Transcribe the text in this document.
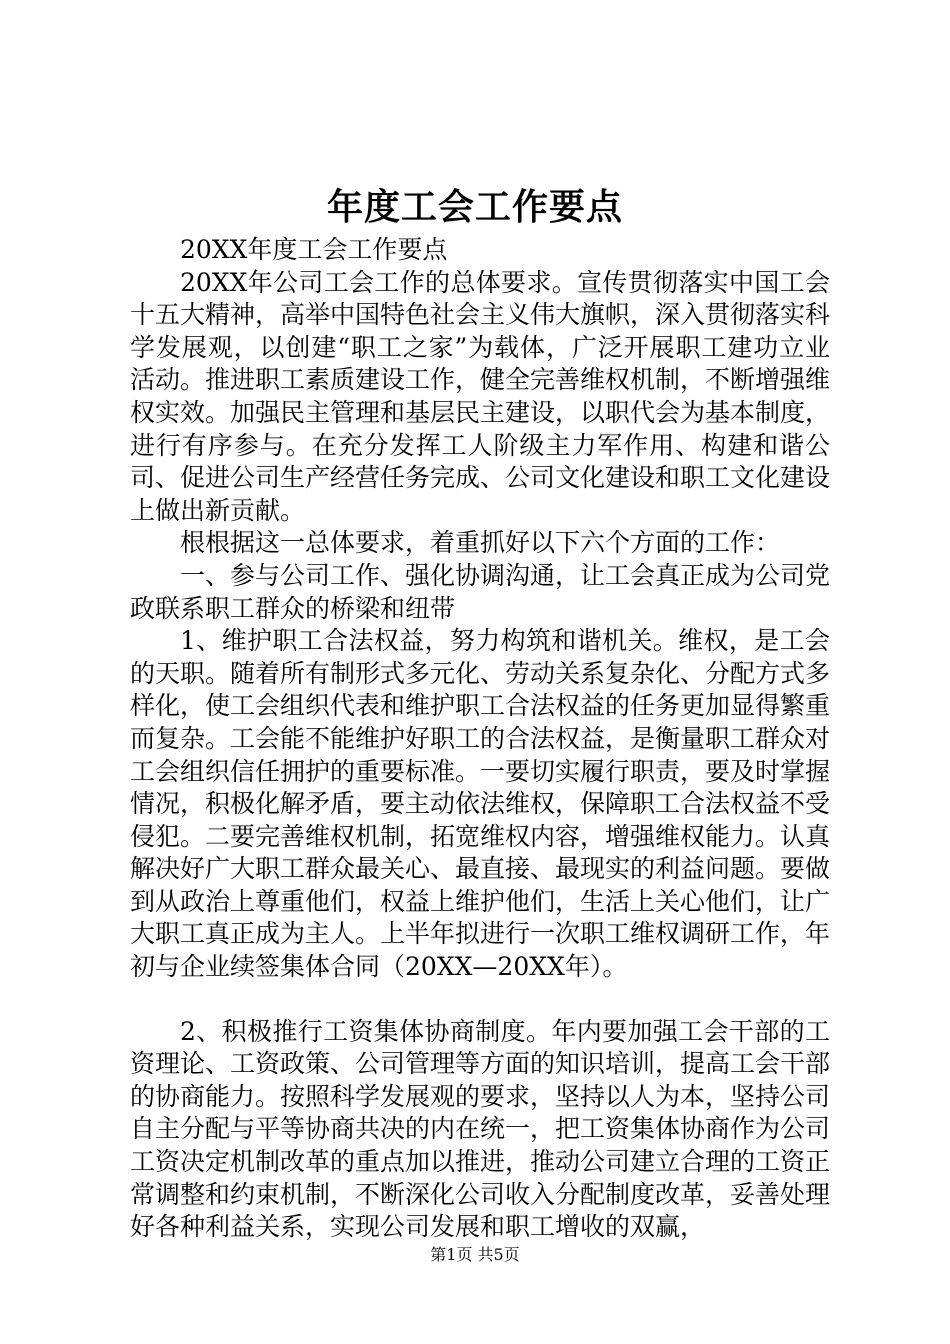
年度工会工作要点

20XX年度工会工作要点

20XX年公司工会工作的总体要求。宣传贯彻落实中国工会十五大精神，高举中国特色社会主义伟大旗帜，深入贯彻落实科学发展观，以创建“职工之家”为载体，广泛开展职工建功立业活动。推进职工素质建设工作，健全完善维权机制，不断增强维权实效。加强民主管理和基层民主建设，以职代会为基本制度，进行有序参与。在充分发挥工人阶级主力军作用、构建和谐公司、促进公司生产经营任务完成、公司文化建设和职工文化建设上做出新贡献。

根根据这一总体要求，着重抓好以下六个方面的工作：

一、参与公司工作、强化协调沟通，让工会真正成为公司党政联系职工群众的桥梁和纽带

1、维护职工合法权益，努力构筑和谐机关。维权，是工会的天职。随着所有制形式多元化、劳动关系复杂化、分配方式多样化，使工会组织代表和维护职工合法权益的任务更加显得繁重而复杂。工会能不能维护好职工的合法权益，是衡量职工群众对工会组织信任拥护的重要标准。一要切实履行职责，要及时掌握情况，积极化解矛盾，要主动依法维权，保障职工合法权益不受侵犯。二要完善维权机制，拓宽维权内容，增强维权能力。认真解决好广大职工群众最关心、最直接、最现实的利益问题。要做到从政治上尊重他们，权益上维护他们，生活上关心他们，让广大职工真正成为主人。上半年拟进行一次职工维权调研工作，年初与企业续签集体合同（20XX—20XX年）。

2、积极推行工资集体协商制度。年内要加强工会干部的工资理论、工资政策、公司管理等方面的知识培训，提高工会干部的协商能力。按照科学发展观的要求，坚持以人为本，坚持公司自主分配与平等协商共决的内在统一，把工资集体协商作为公司工资决定机制改革的重点加以推进，推动公司建立合理的工资正常调整和约束机制，不断深化公司收入分配制度改革，妥善处理好各种利益关系，实现公司发展和职工增收的双赢，

第1页 共5页
